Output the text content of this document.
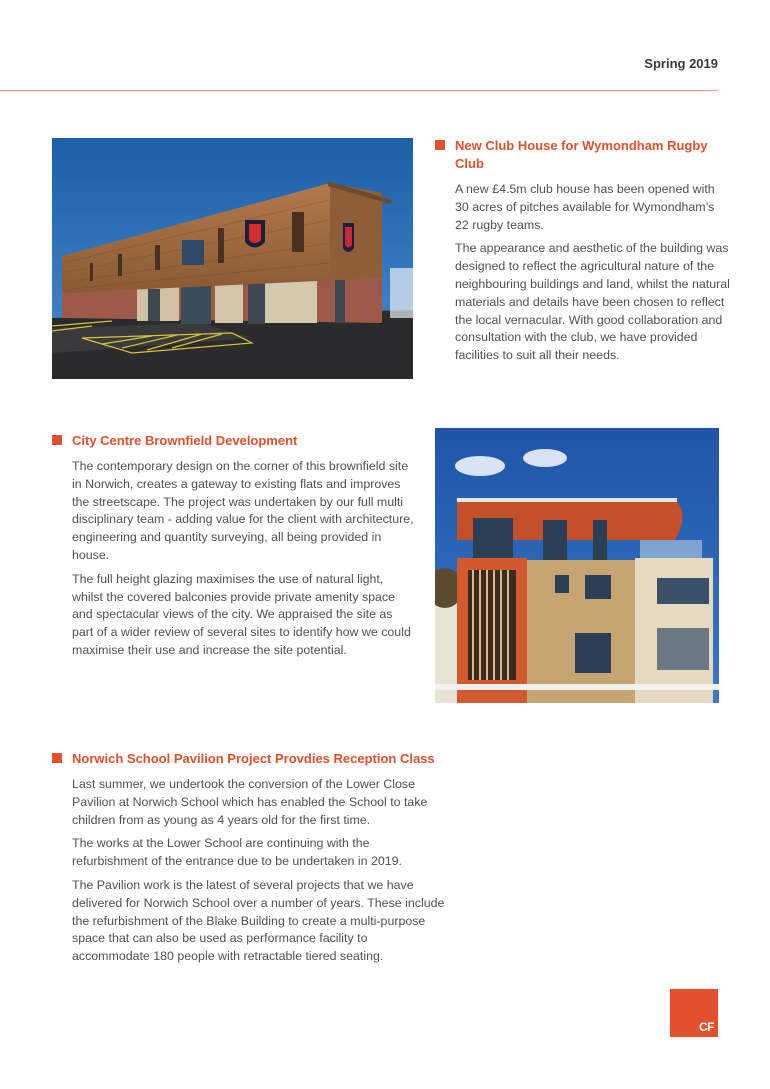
Spring 2019
New Club House for Wymondham Rugby Club

A new £4.5m club house has been opened with 30 acres of pitches available for Wymondham’s 22 rugby teams.

The appearance and aesthetic of the building was designed to reflect the agricultural nature of the neighbouring buildings and land, whilst the natural materials and details have been chosen to reflect the local vernacular. With good collaboration and consultation with the club, we have provided facilities to suit all their needs.

City Centre Brownfield Development

The contemporary design on the corner of this brownfield site in Norwich, creates a gateway to existing flats and improves the streetscape. The project was undertaken by our full multi disciplinary team - adding value for the client with architecture, engineering and quantity surveying, all being provided in house.

The full height glazing maximises the use of natural light, whilst the covered balconies provide private amenity space and spectacular views of the city. We appraised the site as part of a wider review of several sites to identify how we could maximise their use and increase the site potential.

Norwich School Pavilion Project Provdies Reception Class

Last summer, we undertook the conversion of the Lower Close Pavilion at Norwich School which has enabled the School to take children from as young as 4 years old for the first time.

The works at the Lower School are continuing with the refurbishment of the entrance due to be undertaken in 2019.

The Pavilion work is the latest of several projects that we have delivered for Norwich School over a number of years. These include the refurbishment of the Blake Building to create a multi-purpose space that can also be used as performance facility to accommodate 180 people with retractable tiered seating.

CF
